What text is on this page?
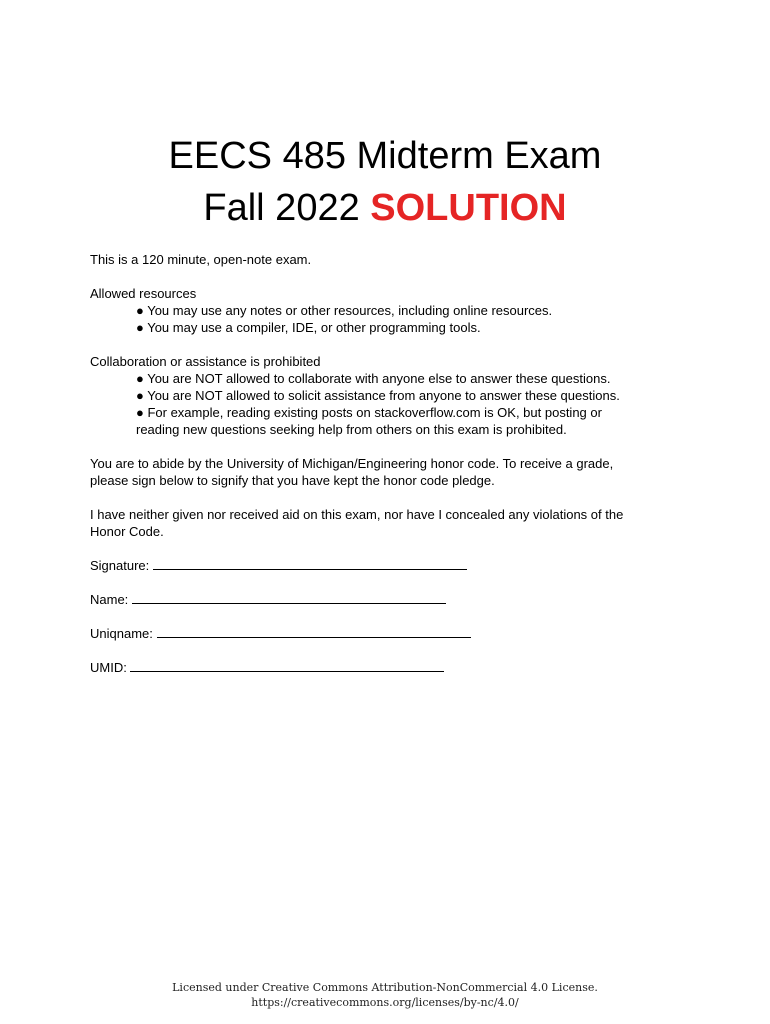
EECS 485 Midterm Exam
Fall 2022 SOLUTION

This is a 120 minute, open-note exam.

Allowed resources
● You may use any notes or other resources, including online resources.
● You may use a compiler, IDE, or other programming tools.
Collaboration or assistance is prohibited
● You are NOT allowed to collaborate with anyone else to answer these questions.
● You are NOT allowed to solicit assistance from anyone to answer these questions.
● For example, reading existing posts on stackoverflow.com is OK, but posting or
reading new questions seeking help from others on this exam is prohibited.
You are to abide by the University of Michigan/Engineering honor code. To receive a grade,
please sign below to signify that you have kept the honor code pledge.
I have neither given nor received aid on this exam, nor have I concealed any violations of the
Honor Code.
Signature:
Name:
Uniqname:
UMID:
Licensed under Creative Commons Attribution-NonCommercial 4.0 License.
https://creativecommons.org/licenses/by-nc/4.0/
